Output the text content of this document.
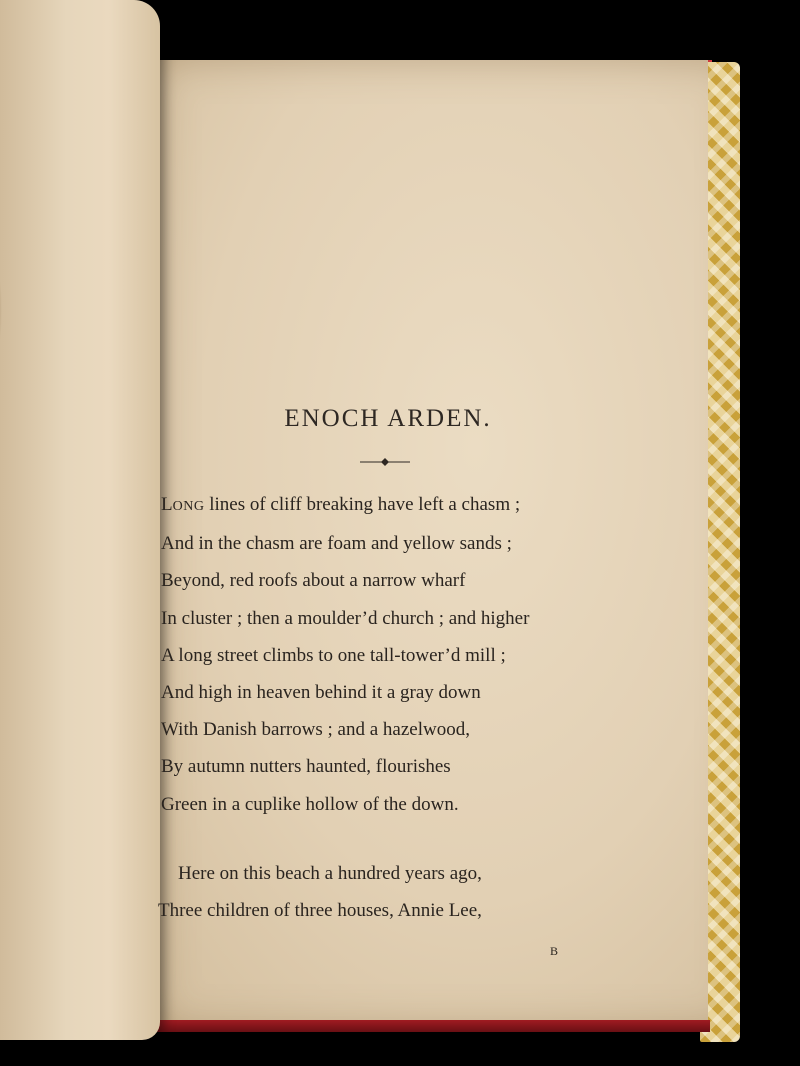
ENOCH ARDEN.
LONG lines of cliff breaking have left a chasm ;
And in the chasm are foam and yellow sands ;
Beyond, red roofs about a narrow wharf
In cluster ; then a moulder’d church ; and higher
A long street climbs to one tall-tower’d mill ;
And high in heaven behind it a gray down
With Danish barrows ; and a hazelwood,
By autumn nutters haunted, flourishes
Green in a cuplike hollow of the down.
Here on this beach a hundred years ago,
Three children of three houses, Annie Lee,
B
